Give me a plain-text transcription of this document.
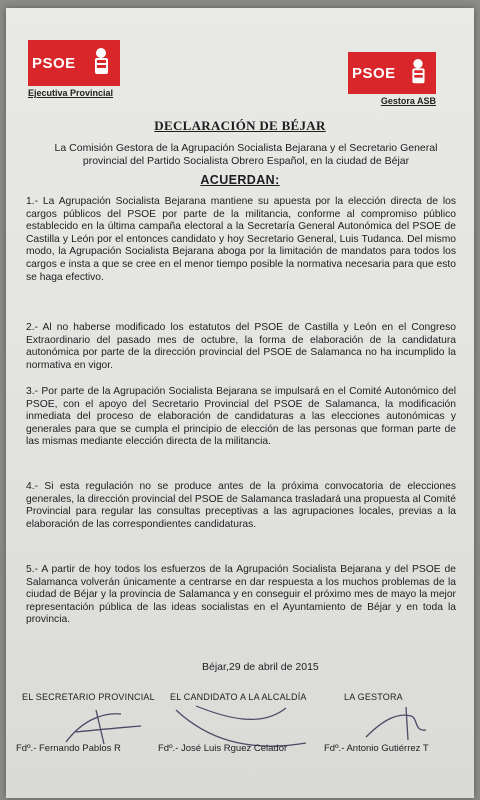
PSOE
Ejecutiva Provincial
PSOE
Gestora ASB
DECLARACIÓN DE BÉJAR
La Comisión Gestora de la Agrupación Socialista Bejarana y el Secretario General provincial del Partido Socialista Obrero Español, en la ciudad de Béjar
ACUERDAN:
1.- La Agrupación Socialista Bejarana mantiene su apuesta por la elección directa de los cargos públicos del PSOE por parte de la militancia, conforme al compromiso público establecido en la última campaña electoral a la Secretaría General Autonómica del PSOE de Castilla y León por el entonces candidato y hoy Secretario General, Luis Tudanca. Del mismo modo, la Agrupación Socialista Bejarana aboga por la limitación de mandatos para todos los cargos e insta a que se cree en el menor tiempo posible la normativa necesaria para que esto se haga efectivo.
2.- Al no haberse modificado los estatutos del PSOE de Castilla y León en el Congreso Extraordinario del pasado mes de octubre, la forma de elaboración de la candidatura autonómica por parte de la dirección provincial del PSOE de Salamanca no ha incumplido la normativa en vigor.
3.- Por parte de la Agrupación Socialista Bejarana se impulsará en el Comité Autonómico del PSOE, con el apoyo del Secretario Provincial del PSOE de Salamanca, la modificación inmediata del proceso de elaboración de candidaturas a las elecciones autonómicas y generales para que se cumpla el principio de elección de las personas que forman parte de las mismas mediante elección directa de la militancia.
4.- Si esta regulación no se produce antes de la próxima convocatoria de elecciones generales, la dirección provincial del PSOE de Salamanca trasladará una propuesta al Comité Provincial para regular las consultas preceptivas a las agrupaciones locales, previas a la elaboración de las correspondientes candidaturas.
5.- A partir de hoy todos los esfuerzos de la Agrupación Socialista Bejarana y del PSOE de Salamanca volverán únicamente a centrarse en dar respuesta a los muchos problemas de la ciudad de Béjar y la provincia de Salamanca y en conseguir el próximo mes de mayo la mejor representación pública de las ideas socialistas en el Ayuntamiento de Béjar y en toda la provincia.
Béjar,29 de abril de 2015
EL SECRETARIO PROVINCIAL EL CANDIDATO A LA ALCALDÍA	LA GESTORA
Fdº.- Fernando Pablos R	Fdº.- José Luis Rguez Celador	Fdº.- Antonio Gutiérrez T
